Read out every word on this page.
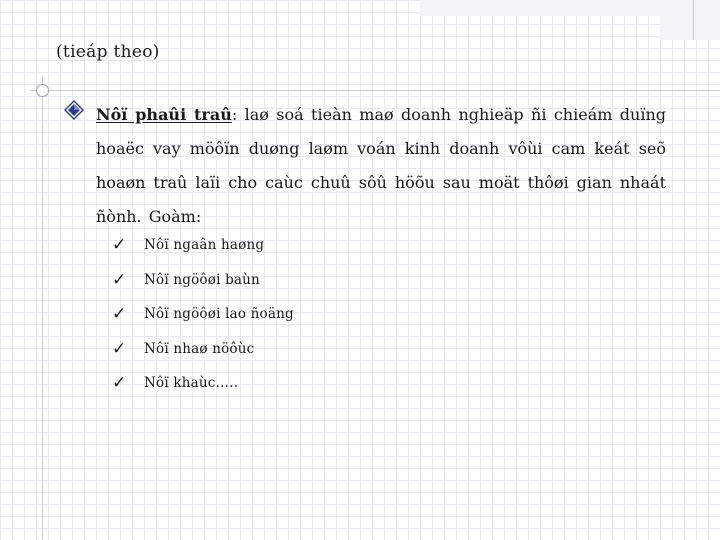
(tieáp theo)
Nôï phaûi traû: laø soá tieàn maø doanh nghieäp ñi chieám duïng hoaëc vay möôïn duøng laøm voán kinh doanh vôùi cam keát seõ hoaøn traû laïi cho caùc chuû sôû höõu sau moät thôøi gian nhaát ñònh. Goàm:
✓	Nôï ngaân haøng
✓	Nôï ngöôøi baùn
✓	Nôï ngöôøi lao ñoäng
✓	Nôï nhaø nöôùc
✓	Nôï khaùc…..
